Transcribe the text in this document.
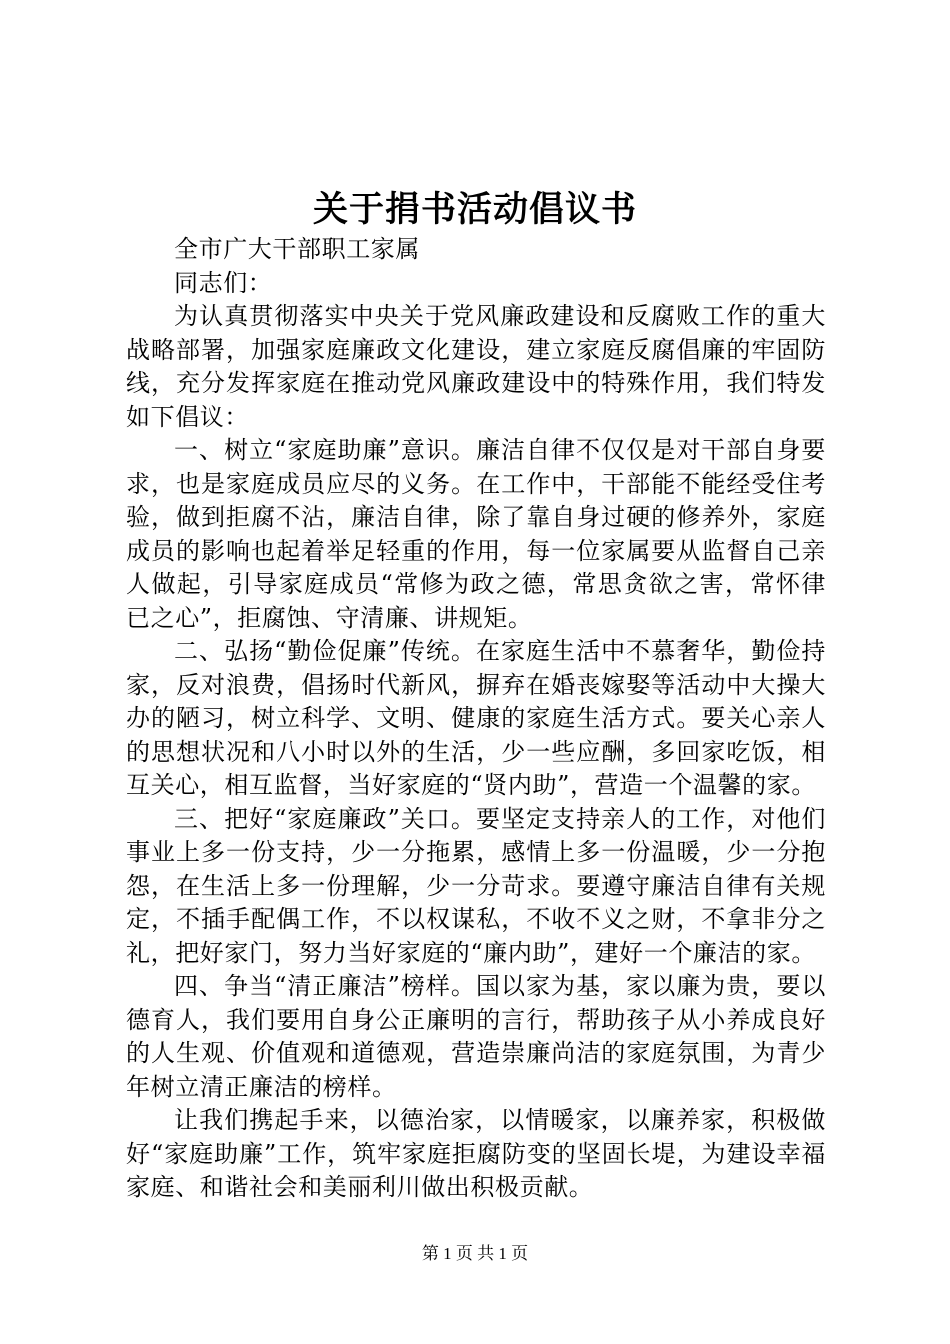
关于捐书活动倡议书

全市广大干部职工家属

同志们：

为认真贯彻落实中央关于党风廉政建设和反腐败工作的重大战略部署，加强家庭廉政文化建设，建立家庭反腐倡廉的牢固防线，充分发挥家庭在推动党风廉政建设中的特殊作用，我们特发如下倡议：

一、树立“家庭助廉”意识。廉洁自律不仅仅是对干部自身要求，也是家庭成员应尽的义务。在工作中，干部能不能经受住考验，做到拒腐不沾，廉洁自律，除了靠自身过硬的修养外，家庭成员的影响也起着举足轻重的作用，每一位家属要从监督自己亲人做起，引导家庭成员“常修为政之德，常思贪欲之害，常怀律已之心”，拒腐蚀、守清廉、讲规矩。

二、弘扬“勤俭促廉”传统。在家庭生活中不慕奢华，勤俭持家，反对浪费，倡扬时代新风，摒弃在婚丧嫁娶等活动中大操大办的陋习，树立科学、文明、健康的家庭生活方式。要关心亲人的思想状况和八小时以外的生活，少一些应酬，多回家吃饭，相互关心，相互监督，当好家庭的“贤内助”，营造一个温馨的家。

三、把好“家庭廉政”关口。要坚定支持亲人的工作，对他们事业上多一份支持，少一分拖累，感情上多一份温暖，少一分抱怨，在生活上多一份理解，少一分苛求。要遵守廉洁自律有关规定，不插手配偶工作，不以权谋私，不收不义之财，不拿非分之礼，把好家门，努力当好家庭的“廉内助”，建好一个廉洁的家。

四、争当“清正廉洁”榜样。国以家为基，家以廉为贵，要以德育人，我们要用自身公正廉明的言行，帮助孩子从小养成良好的人生观、价值观和道德观，营造崇廉尚洁的家庭氛围，为青少年树立清正廉洁的榜样。

让我们携起手来，以德治家，以情暖家，以廉养家，积极做好“家庭助廉”工作，筑牢家庭拒腐防变的坚固长堤，为建设幸福家庭、和谐社会和美丽利川做出积极贡献。

第 1 页 共 1 页
